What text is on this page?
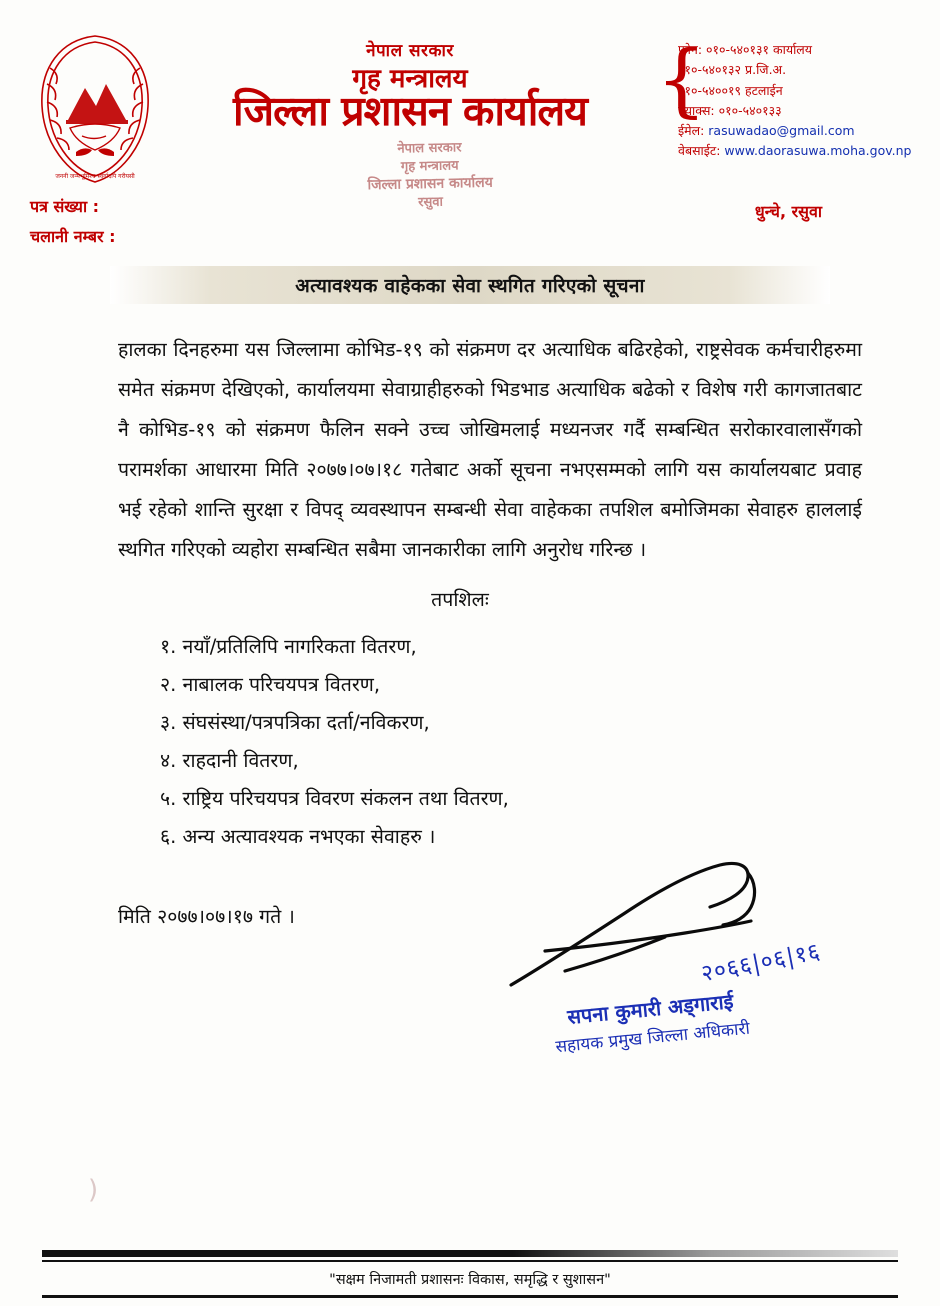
जननी जन्मभूमिश्च स्वर्गादपि गरीयसी
नेपाल सरकार
गृह मन्त्रालय
जिल्ला प्रशासन कार्यालय
नेपाल सरकार
गृह मन्त्रालय
जिल्ला प्रशासन कार्यालय
रसुवा
{
फोन: ०१०-५४०१३१ कार्यालय
०१०-५४०१३२ प्र.जि.अ.
०१०-५४००१९ हटलाईन
फ्याक्स: ०१०-५४०१३३
ईमेल: rasuwadao@gmail.com
वेबसाईट: www.daorasuwa.moha.gov.np
पत्र संख्या :
चलानी नम्बर :
धुन्चे, रसुवा
अत्यावश्यक वाहेकका सेवा स्थगित गरिएको सूचना
हालका दिनहरुमा यस जिल्लामा कोभिड-१९ को संक्रमण दर अत्याधिक बढिरहेको, राष्ट्रसेवक कर्मचारीहरुमा समेत संक्रमण देखिएको, कार्यालयमा सेवाग्राहीहरुको भिडभाड अत्याधिक बढेको र विशेष गरी कागजातबाट नै कोभिड-१९ को संक्रमण फैलिन सक्ने उच्च जोखिमलाई मध्यनजर गर्दै सम्बन्धित सरोकारवालासँगको परामर्शका आधारमा मिति २०७७।०७।१८ गतेबाट अर्को सूचना नभएसम्मको लागि यस कार्यालयबाट प्रवाह भई रहेको शान्ति सुरक्षा र विपद् व्यवस्थापन सम्बन्धी सेवा वाहेकका तपशिल बमोजिमका सेवाहरु हाललाई स्थगित गरिएको व्यहोरा सम्बन्धित सबैमा जानकारीका लागि अनुरोध गरिन्छ ।
तपशिलः
१. नयाँ/प्रतिलिपि नागरिकता वितरण,
२. नाबालक परिचयपत्र वितरण,
३. संघसंस्था/पत्रपत्रिका दर्ता/नविकरण,
४. राहदानी वितरण,
५. राष्ट्रिय परिचयपत्र विवरण संकलन तथा वितरण,
६. अन्य अत्यावश्यक नभएका सेवाहरु ।
मिति २०७७।०७।१७ गते ।
२०६६|०६|१६
सपना कुमारी अड्गाराई
सहायक प्रमुख जिल्ला अधिकारी
)
"सक्षम निजामती प्रशासनः विकास, समृद्धि र सुशासन"
